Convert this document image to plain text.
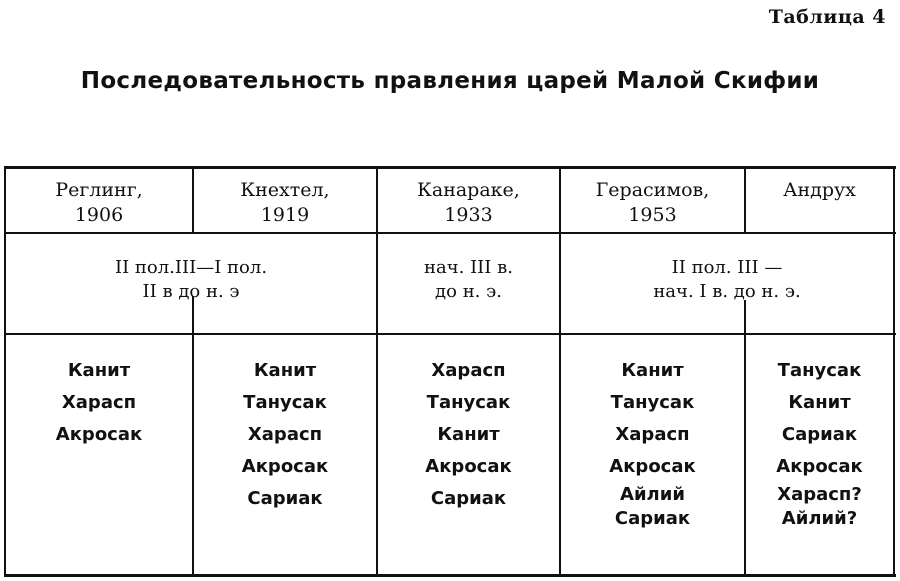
Таблица 4
Последовательность правления царей Малой Скифии
Реглинг,
1906
Кнехтел,
1919
Канараке,
1933
Герасимов,
1953
Андрух
II пол.III—I пол.
II в до н. э
нач. III в.
до н. э.
II пол. III —
нач. I в. до н. э.
Канит
Харасп
Акросак
Канит
Танусак
Харасп
Акросак
Сариак
Харасп
Танусак
Канит
Акросак
Сариак
Канит
Танусак
Харасп
Акросак
Айлий
Сариак
Танусак
Канит
Сариак
Акросак
Харасп?
Айлий?
